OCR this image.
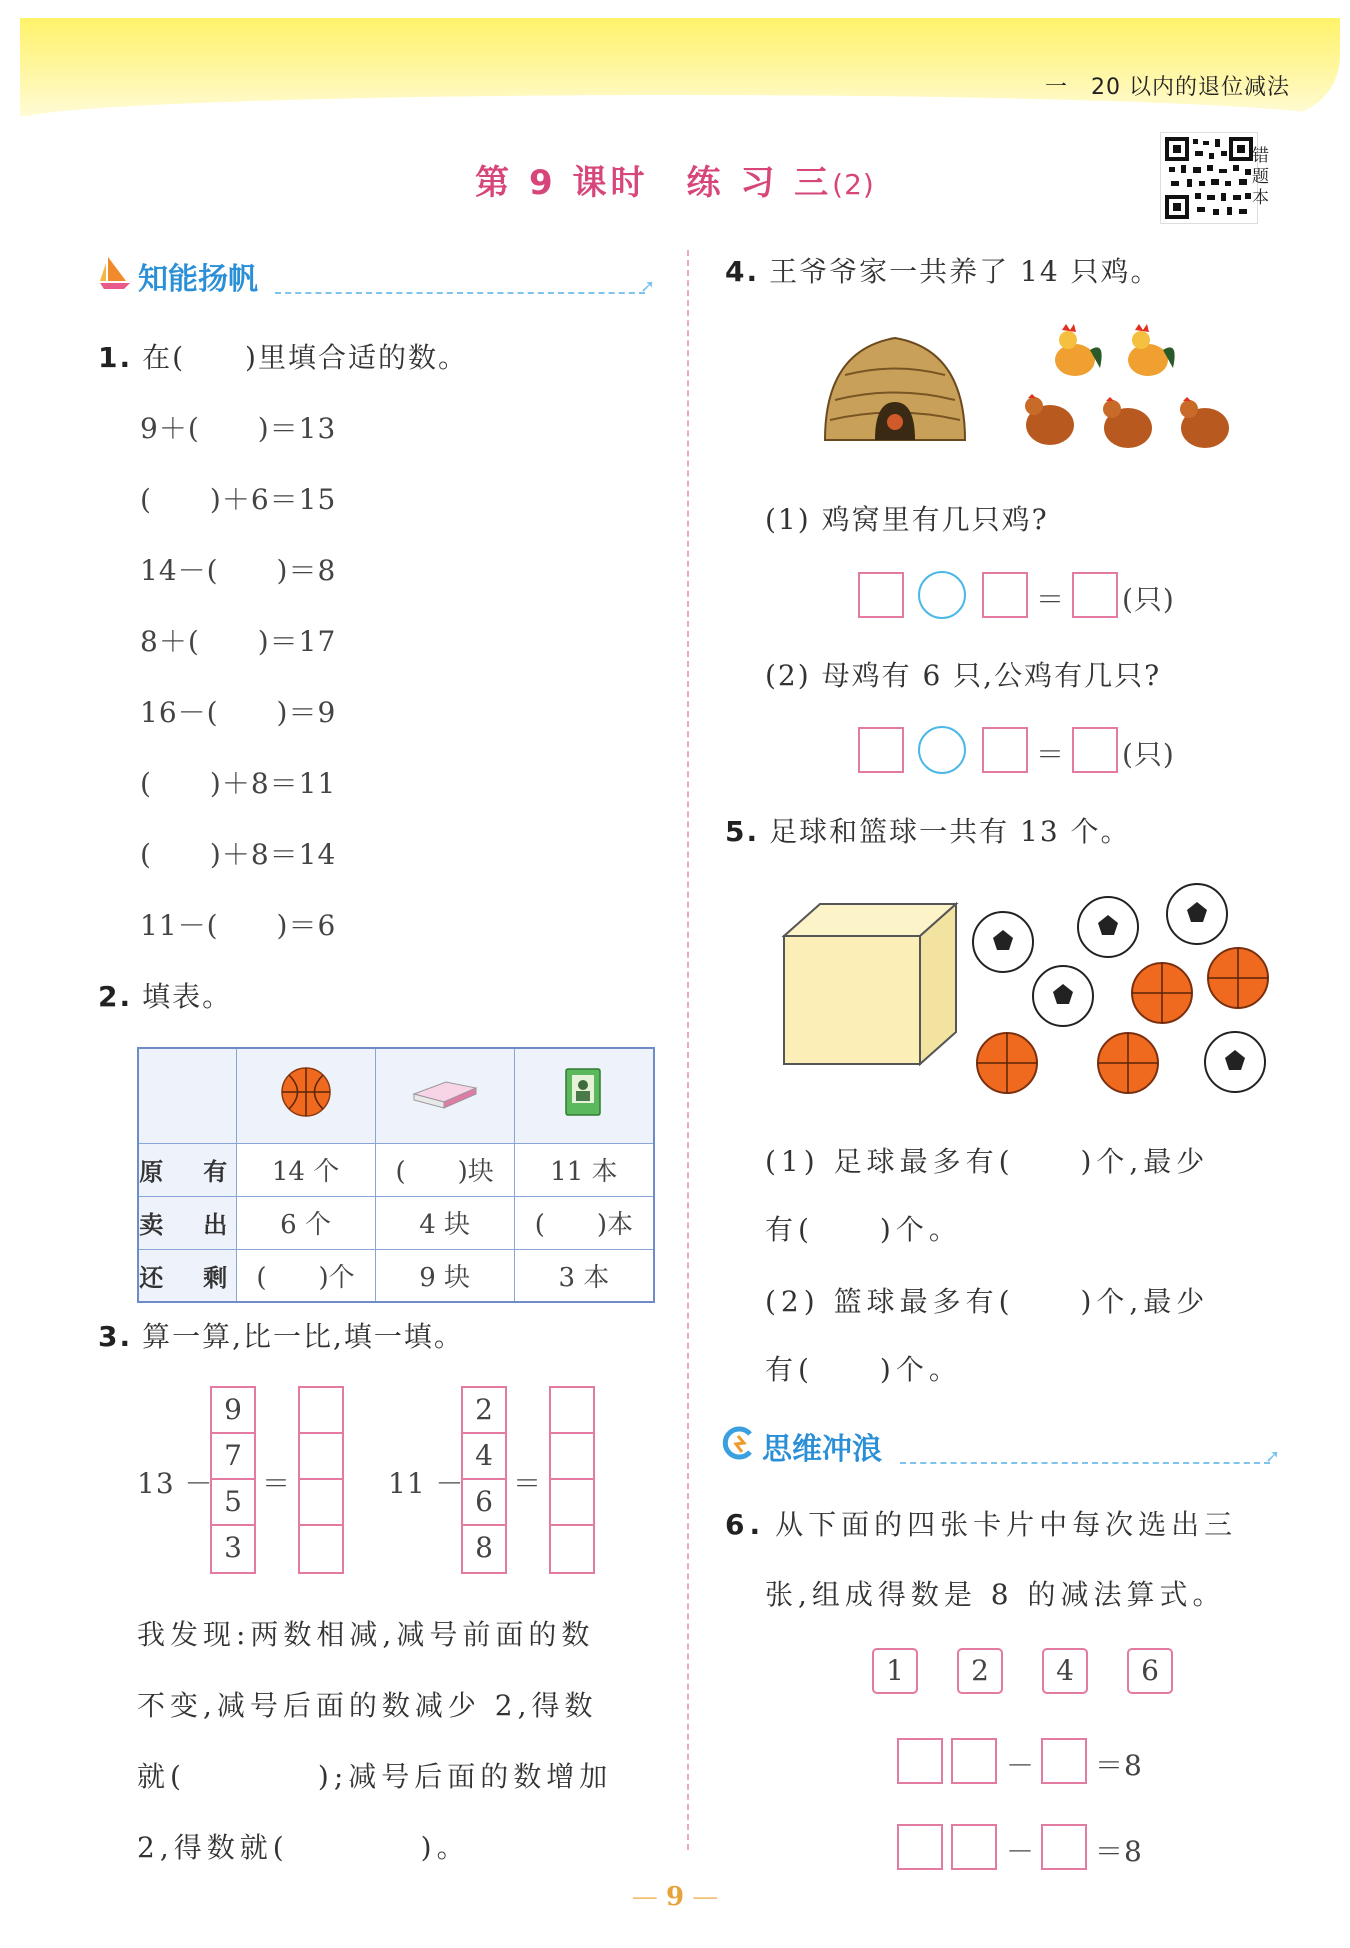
一　20 以内的退位减法
第 9 课时　练 习 三(2)
错题本
知能扬帆	➚
1. 在(　　)里填合适的数。
9＋(　　)＝13
(　　)＋6＝15
14－(　　)＝8
8＋(　　)＝17
16－(　　)＝9
(　　)＋8＝11
(　　)＋8＝14
11－(　　)＝6
2. 填表。

原　有	14 个	(　　)块	11 本
卖　出	6 个	4 块	(　　)本
还　剩	(　　)个	9 块	3 本
3. 算一算,比一比,填一填。
13 －
9
7
5
3
＝	11 －
2
4
6
8
＝
我发现:两数相减,减号前面的数
不变,减号后面的数减少 2,得数
就(　　　　);减号后面的数增加
2,得数就(　　　　)。
4. 王爷爷家一共养了 14 只鸡。
(1) 鸡窝里有几只鸡?
＝ (只)
(2) 母鸡有 6 只,公鸡有几只?
＝ (只)
5. 足球和篮球一共有 13 个。
(1) 足球最多有(　　)个,最少
有(　　)个。
(2) 篮球最多有(　　)个,最少
有(　　)个。
思维冲浪	➚
6. 从下面的四张卡片中每次选出三
张,组成得数是 8 的减法算式。
1	2	4	6
－ ＝8
－ ＝8
— 9 —
